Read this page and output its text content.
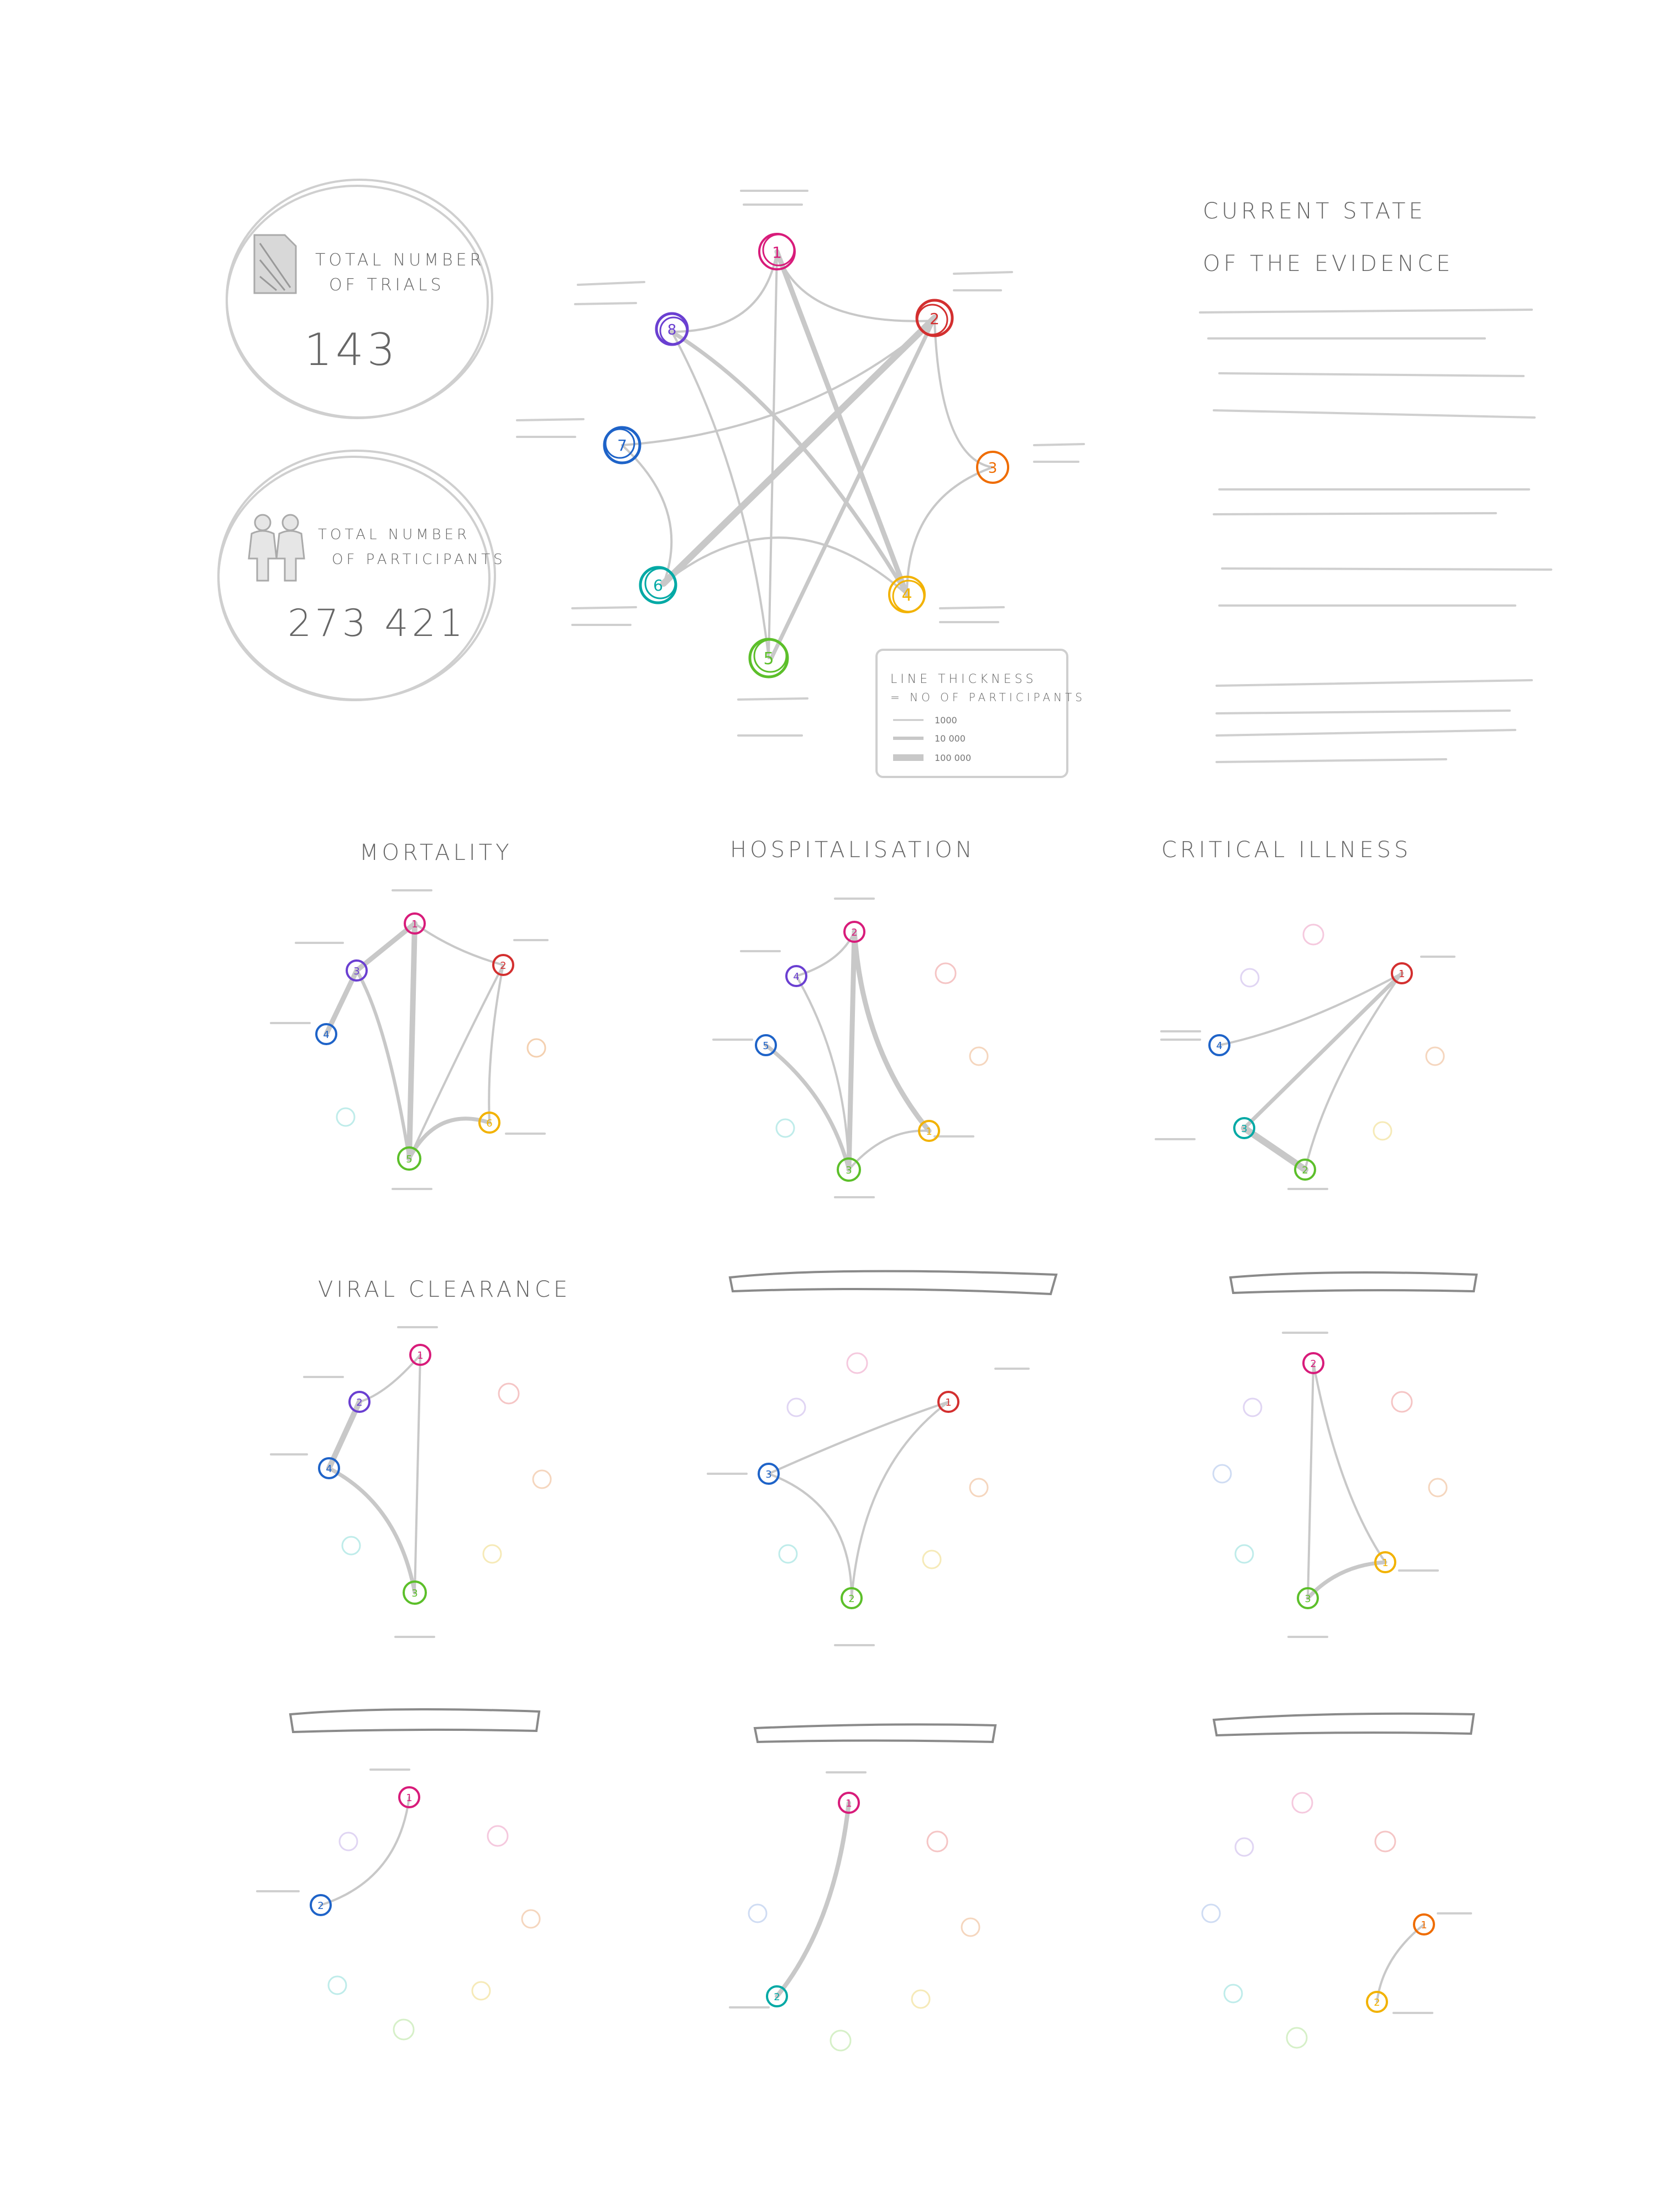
TOTAL NUMBER
OF TRIALS
143
TOTAL NUMBER
OF PARTICIPANTS
273 421
1
2
3
4
5
6
7
8
LINE THICKNESS
= NO OF PARTICIPANTS
1000
10 000
100 000
CURRENT STATE
OF THE EVIDENCE
MORTALITY
1
2
3
4
5
6
HOSPITALISATION
2
4
5
3
1
CRITICAL ILLNESS
1
4
3
2
VIRAL CLEARANCE
1
2
4
3
1
3
2
2
1
3
1
2
1
2
1
2
